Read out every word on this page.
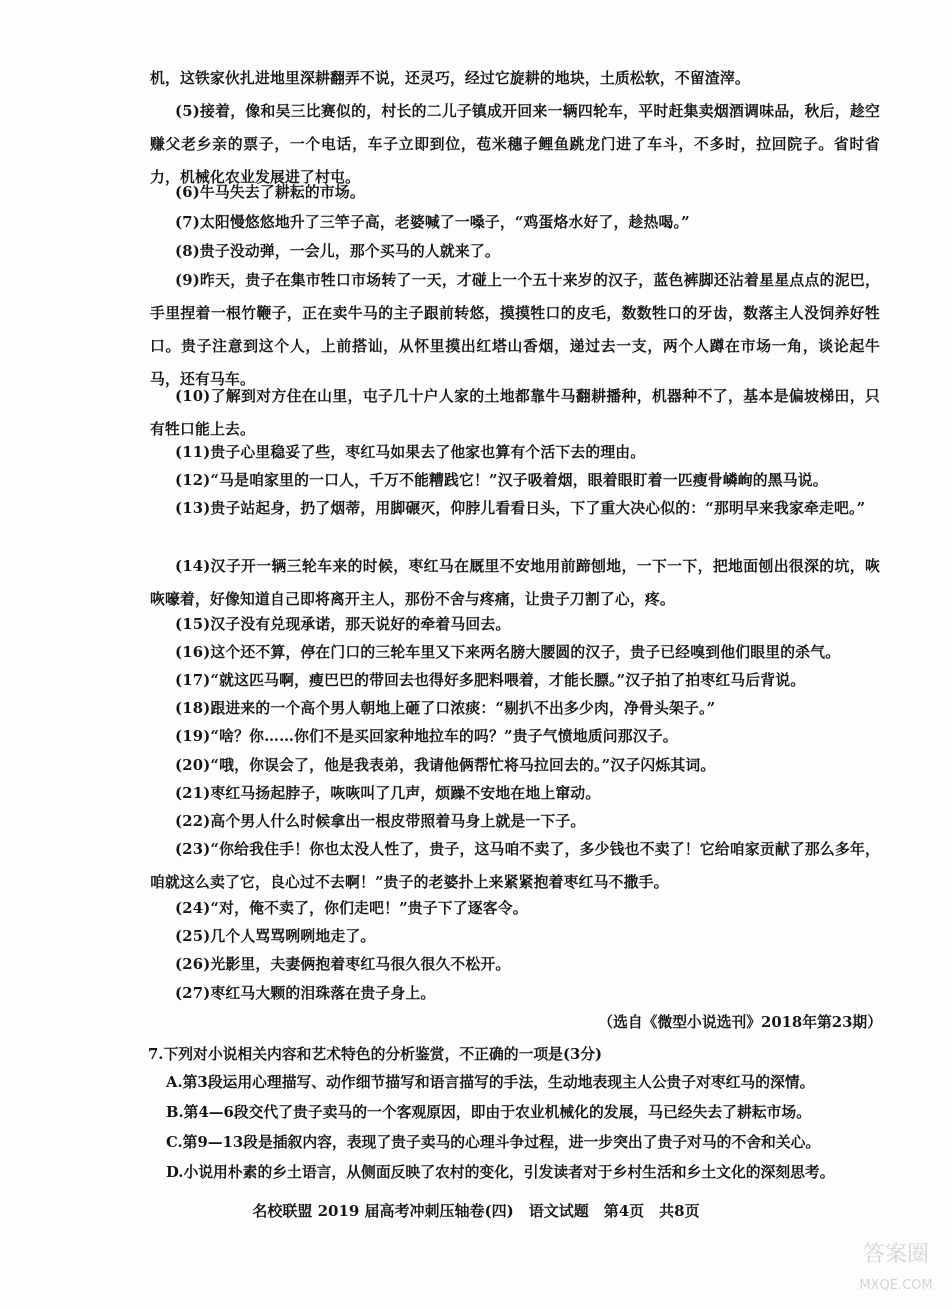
机，这铁家伙扎进地里深耕翻弄不说，还灵巧，经过它旋耕的地块，土质松软，不留渣滓。

(5)接着，像和吴三比赛似的，村长的二儿子镇成开回来一辆四轮车，平时赶集卖烟酒调味品，秋后，趁空赚父老乡亲的票子，一个电话，车子立即到位，苞米穗子鲤鱼跳龙门进了车斗，不多时，拉回院子。省时省力，机械化农业发展进了村屯。

(6)牛马失去了耕耘的市场。

(7)太阳慢悠悠地升了三竿子高，老婆喊了一嗓子，“鸡蛋烙水好了，趁热喝。”

(8)贵子没动弹，一会儿，那个买马的人就来了。

(9)昨天，贵子在集市牲口市场转了一天，才碰上一个五十来岁的汉子，蓝色裤脚还沾着星星点点的泥巴，手里捏着一根竹鞭子，正在卖牛马的主子跟前转悠，摸摸牲口的皮毛，数数牲口的牙齿，数落主人没饲养好牲口。贵子注意到这个人，上前搭讪，从怀里摸出红塔山香烟，递过去一支，两个人蹲在市场一角，谈论起牛马，还有马车。

(10)了解到对方住在山里，屯子几十户人家的土地都靠牛马翻耕播种，机器种不了，基本是偏坡梯田，只有牲口能上去。

(11)贵子心里稳妥了些，枣红马如果去了他家也算有个活下去的理由。

(12)“马是咱家里的一口人，千万不能糟践它！”汉子吸着烟，眼着眼盯着一匹瘦骨嶙峋的黑马说。

(13)贵子站起身，扔了烟蒂，用脚碾灭，仰脖儿看看日头，下了重大决心似的：“那明早来我家牵走吧。”

(14)汉子开一辆三轮车来的时候，枣红马在厩里不安地用前蹄刨地，一下一下，把地面刨出很深的坑，咴咴嚎着，好像知道自己即将离开主人，那份不舍与疼痛，让贵子刀割了心，疼。

(15)汉子没有兑现承诺，那天说好的牵着马回去。

(16)这个还不算，停在门口的三轮车里又下来两名膀大腰圆的汉子，贵子已经嗅到他们眼里的杀气。

(17)“就这匹马啊，瘦巴巴的带回去也得好多肥料喂着，才能长膘。”汉子拍了拍枣红马后背说。

(18)跟进来的一个高个男人朝地上砸了口浓痰：“剔扒不出多少肉，净骨头架子。”

(19)“啥？你……你们不是买回家种地拉车的吗？”贵子气愤地质问那汉子。

(20)“哦，你误会了，他是我表弟，我请他俩帮忙将马拉回去的。”汉子闪烁其词。

(21)枣红马扬起脖子，咴咴叫了几声，烦躁不安地在地上窜动。

(22)高个男人什么时候拿出一根皮带照着马身上就是一下子。

(23)“你给我住手！你也太没人性了，贵子，这马咱不卖了，多少钱也不卖了！它给咱家贡献了那么多年，咱就这么卖了它，良心过不去啊！”贵子的老婆扑上来紧紧抱着枣红马不撒手。

(24)“对，俺不卖了，你们走吧！”贵子下了逐客令。

(25)几个人骂骂咧咧地走了。

(26)光影里，夫妻俩抱着枣红马很久很久不松开。

(27)枣红马大颗的泪珠落在贵子身上。

（选自《微型小说选刊》2018年第23期）
7.下列对小说相关内容和艺术特色的分析鉴赏，不正确的一项是(3分)
A.第3段运用心理描写、动作细节描写和语言描写的手法，生动地表现主人公贵子对枣红马的深情。
B.第4—6段交代了贵子卖马的一个客观原因，即由于农业机械化的发展，马已经失去了耕耘市场。
C.第9—13段是插叙内容，表现了贵子卖马的心理斗争过程，进一步突出了贵子对马的不舍和关心。
D.小说用朴素的乡土语言，从侧面反映了农村的变化，引发读者对于乡村生活和乡土文化的深刻思考。
名校联盟 2019 届高考冲刺压轴卷(四)　语文试题　第4页　共8页
答案圈
MXQE.COM
